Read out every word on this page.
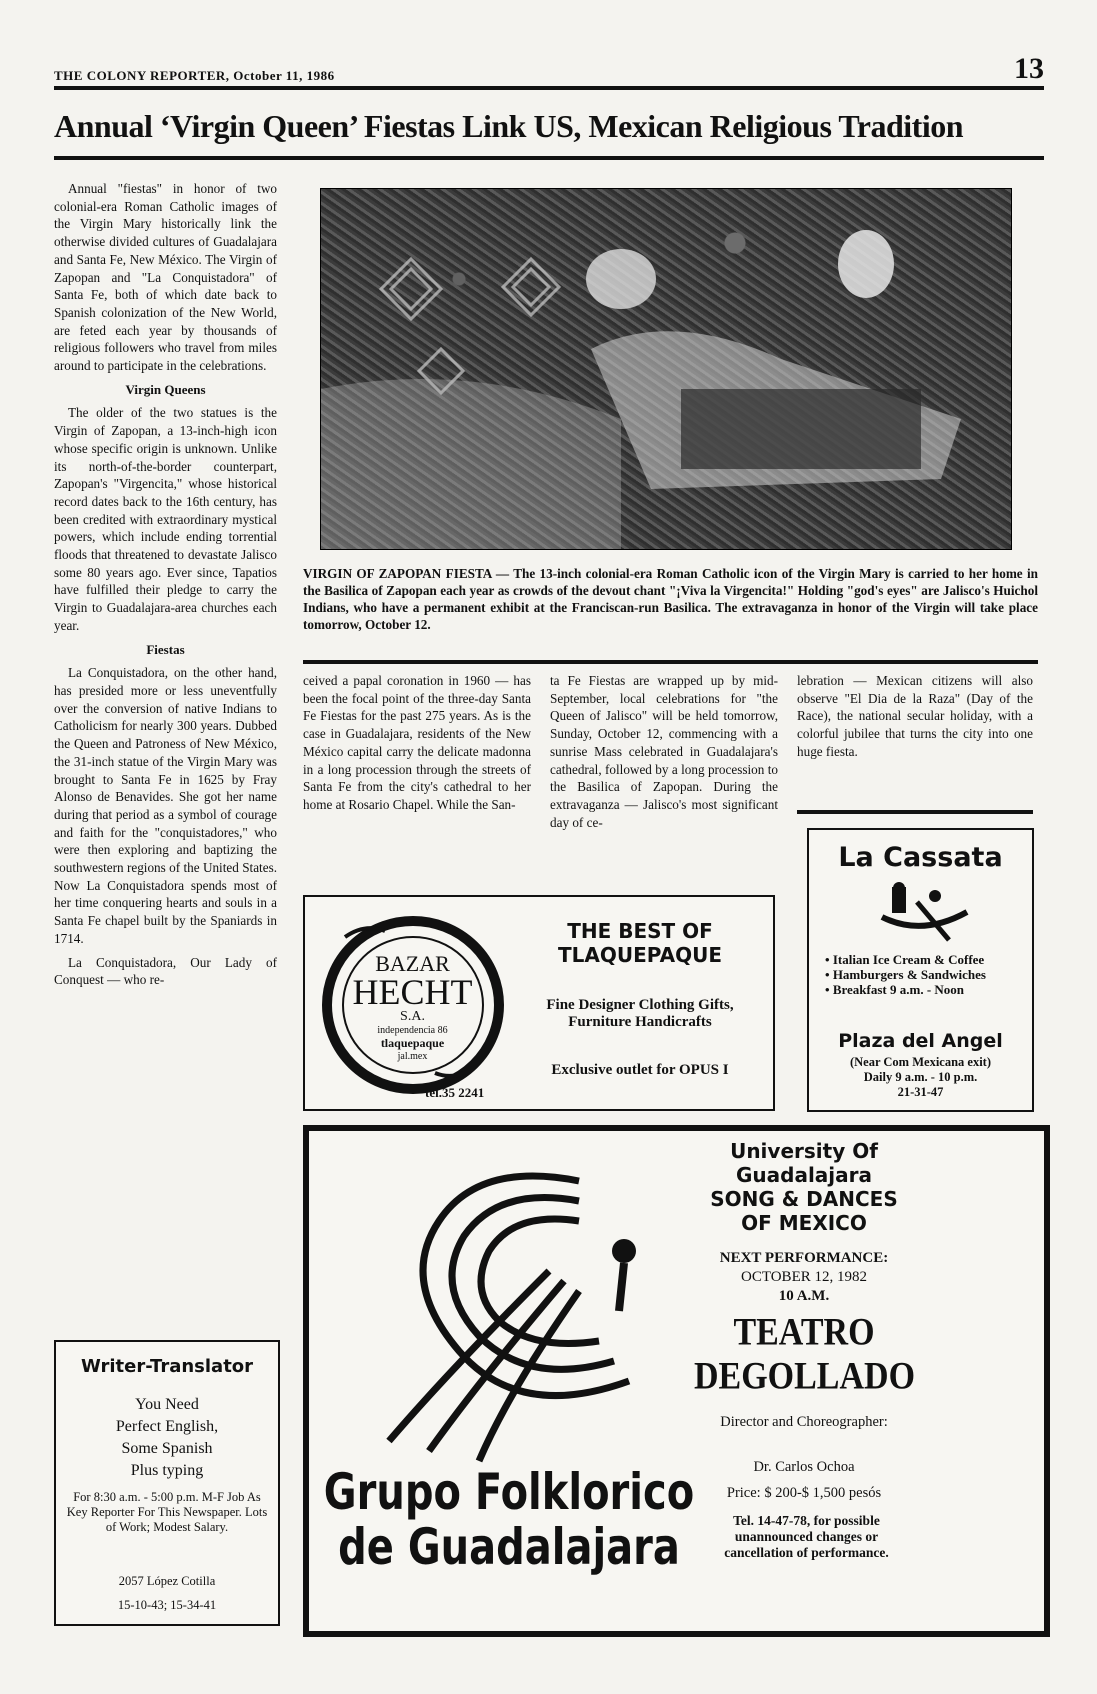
THE COLONY REPORTER, October 11, 1986	13
Annual ‘Virgin Queen’ Fiestas Link US, Mexican Religious Tradition

Annual "fiestas" in honor of two colonial-era Roman Catholic images of the Virgin Mary historically link the otherwise divided cultures of Guadalajara and Santa Fe, New México. The Virgin of Zapopan and "La Conquistadora" of Santa Fe, both of which date back to Spanish colonization of the New World, are feted each year by thousands of religious followers who travel from miles around to participate in the celebrations.

Virgin Queens

The older of the two statues is the Virgin of Zapopan, a 13-inch-high icon whose specific origin is unknown. Unlike its north-of-the-border counterpart, Zapopan's "Virgencita," whose historical record dates back to the 16th century, has been credited with extraordinary mystical powers, which include ending torrential floods that threatened to devastate Jalisco some 80 years ago. Ever since, Tapatios have fulfilled their pledge to carry the Virgin to Guadalajara-area churches each year.

Fiestas

La Conquistadora, on the other hand, has presided more or less uneventfully over the conversion of native Indians to Catholicism for nearly 300 years. Dubbed the Queen and Patroness of New México, the 31-inch statue of the Virgin Mary was brought to Santa Fe in 1625 by Fray Alonso de Benavides. She got her name during that period as a symbol of courage and faith for the "conquistadores," who were then exploring and baptizing the southwestern regions of the United States. Now La Conquistadora spends most of her time conquering hearts and souls in a Santa Fe chapel built by the Spaniards in 1714.

La Conquistadora, Our Lady of Conquest — who re-

VIRGIN OF ZAPOPAN FIESTA — The 13-inch colonial-era Roman Catholic icon of the Virgin Mary is carried to her home in the Basilica of Zapopan each year as crowds of the devout chant "¡Viva la Virgencita!" Holding "god's eyes" are Jalisco's Huichol Indians, who have a permanent exhibit at the Franciscan-run Basilica. The extravaganza in honor of the Virgin will take place tomorrow, October 12.
ceived a papal coronation in 1960 — has been the focal point of the three-day Santa Fe Fiestas for the past 275 years. As is the case in Guadalajara, residents of the New México capital carry the delicate madonna in a long procession through the streets of Santa Fe from the city's cathedral to her home at Rosario Chapel. While the San-
ta Fe Fiestas are wrapped up by mid-September, local celebrations for "the Queen of Jalisco" will be held tomorrow, Sunday, October 12, commencing with a sunrise Mass celebrated in Guadalajara's cathedral, followed by a long procession to the Basilica of Zapopan. During the extravaganza — Jalisco's most significant day of ce-
lebration — Mexican citizens will also observe "El Dia de la Raza" (Day of the Race), the national secular holiday, with a colorful jubilee that turns the city into one huge fiesta.
BAZAR
HECHT
S.A.
independencia 86
tlaquepaque
jal.mex
tel.35 2241
THE BEST OF
TLAQUEPAQUE
Fine Designer Clothing Gifts, Furniture Handicrafts
Exclusive outlet for OPUS I
La Cassata
• Italian Ice Cream & Coffee
• Hamburgers & Sandwiches
• Breakfast 9 a.m. - Noon
Plaza del Angel
(Near Com Mexicana exit)
Daily 9 a.m. - 10 p.m.
21-31-47
Writer-Translator
You Need
Perfect English,
Some Spanish
Plus typing
For 8:30 a.m. - 5:00 p.m. M-F Job As Key Reporter For This Newspaper. Lots of Work; Modest Salary.
2057 López Cotilla
15-10-43; 15-34-41
University Of
Guadalajara
SONG & DANCES
OF MEXICO
NEXT PERFORMANCE:
OCTOBER 12, 1982
10 A.M.
TEATRO
DEGOLLADO
Director and Choreographer:
Dr. Carlos Ochoa
Price: $ 200-$ 1,500 pesós
Tel. 14-47-78, for possible unannounced changes or cancellation of performance.
Grupo Folklorico
de Guadalajara
